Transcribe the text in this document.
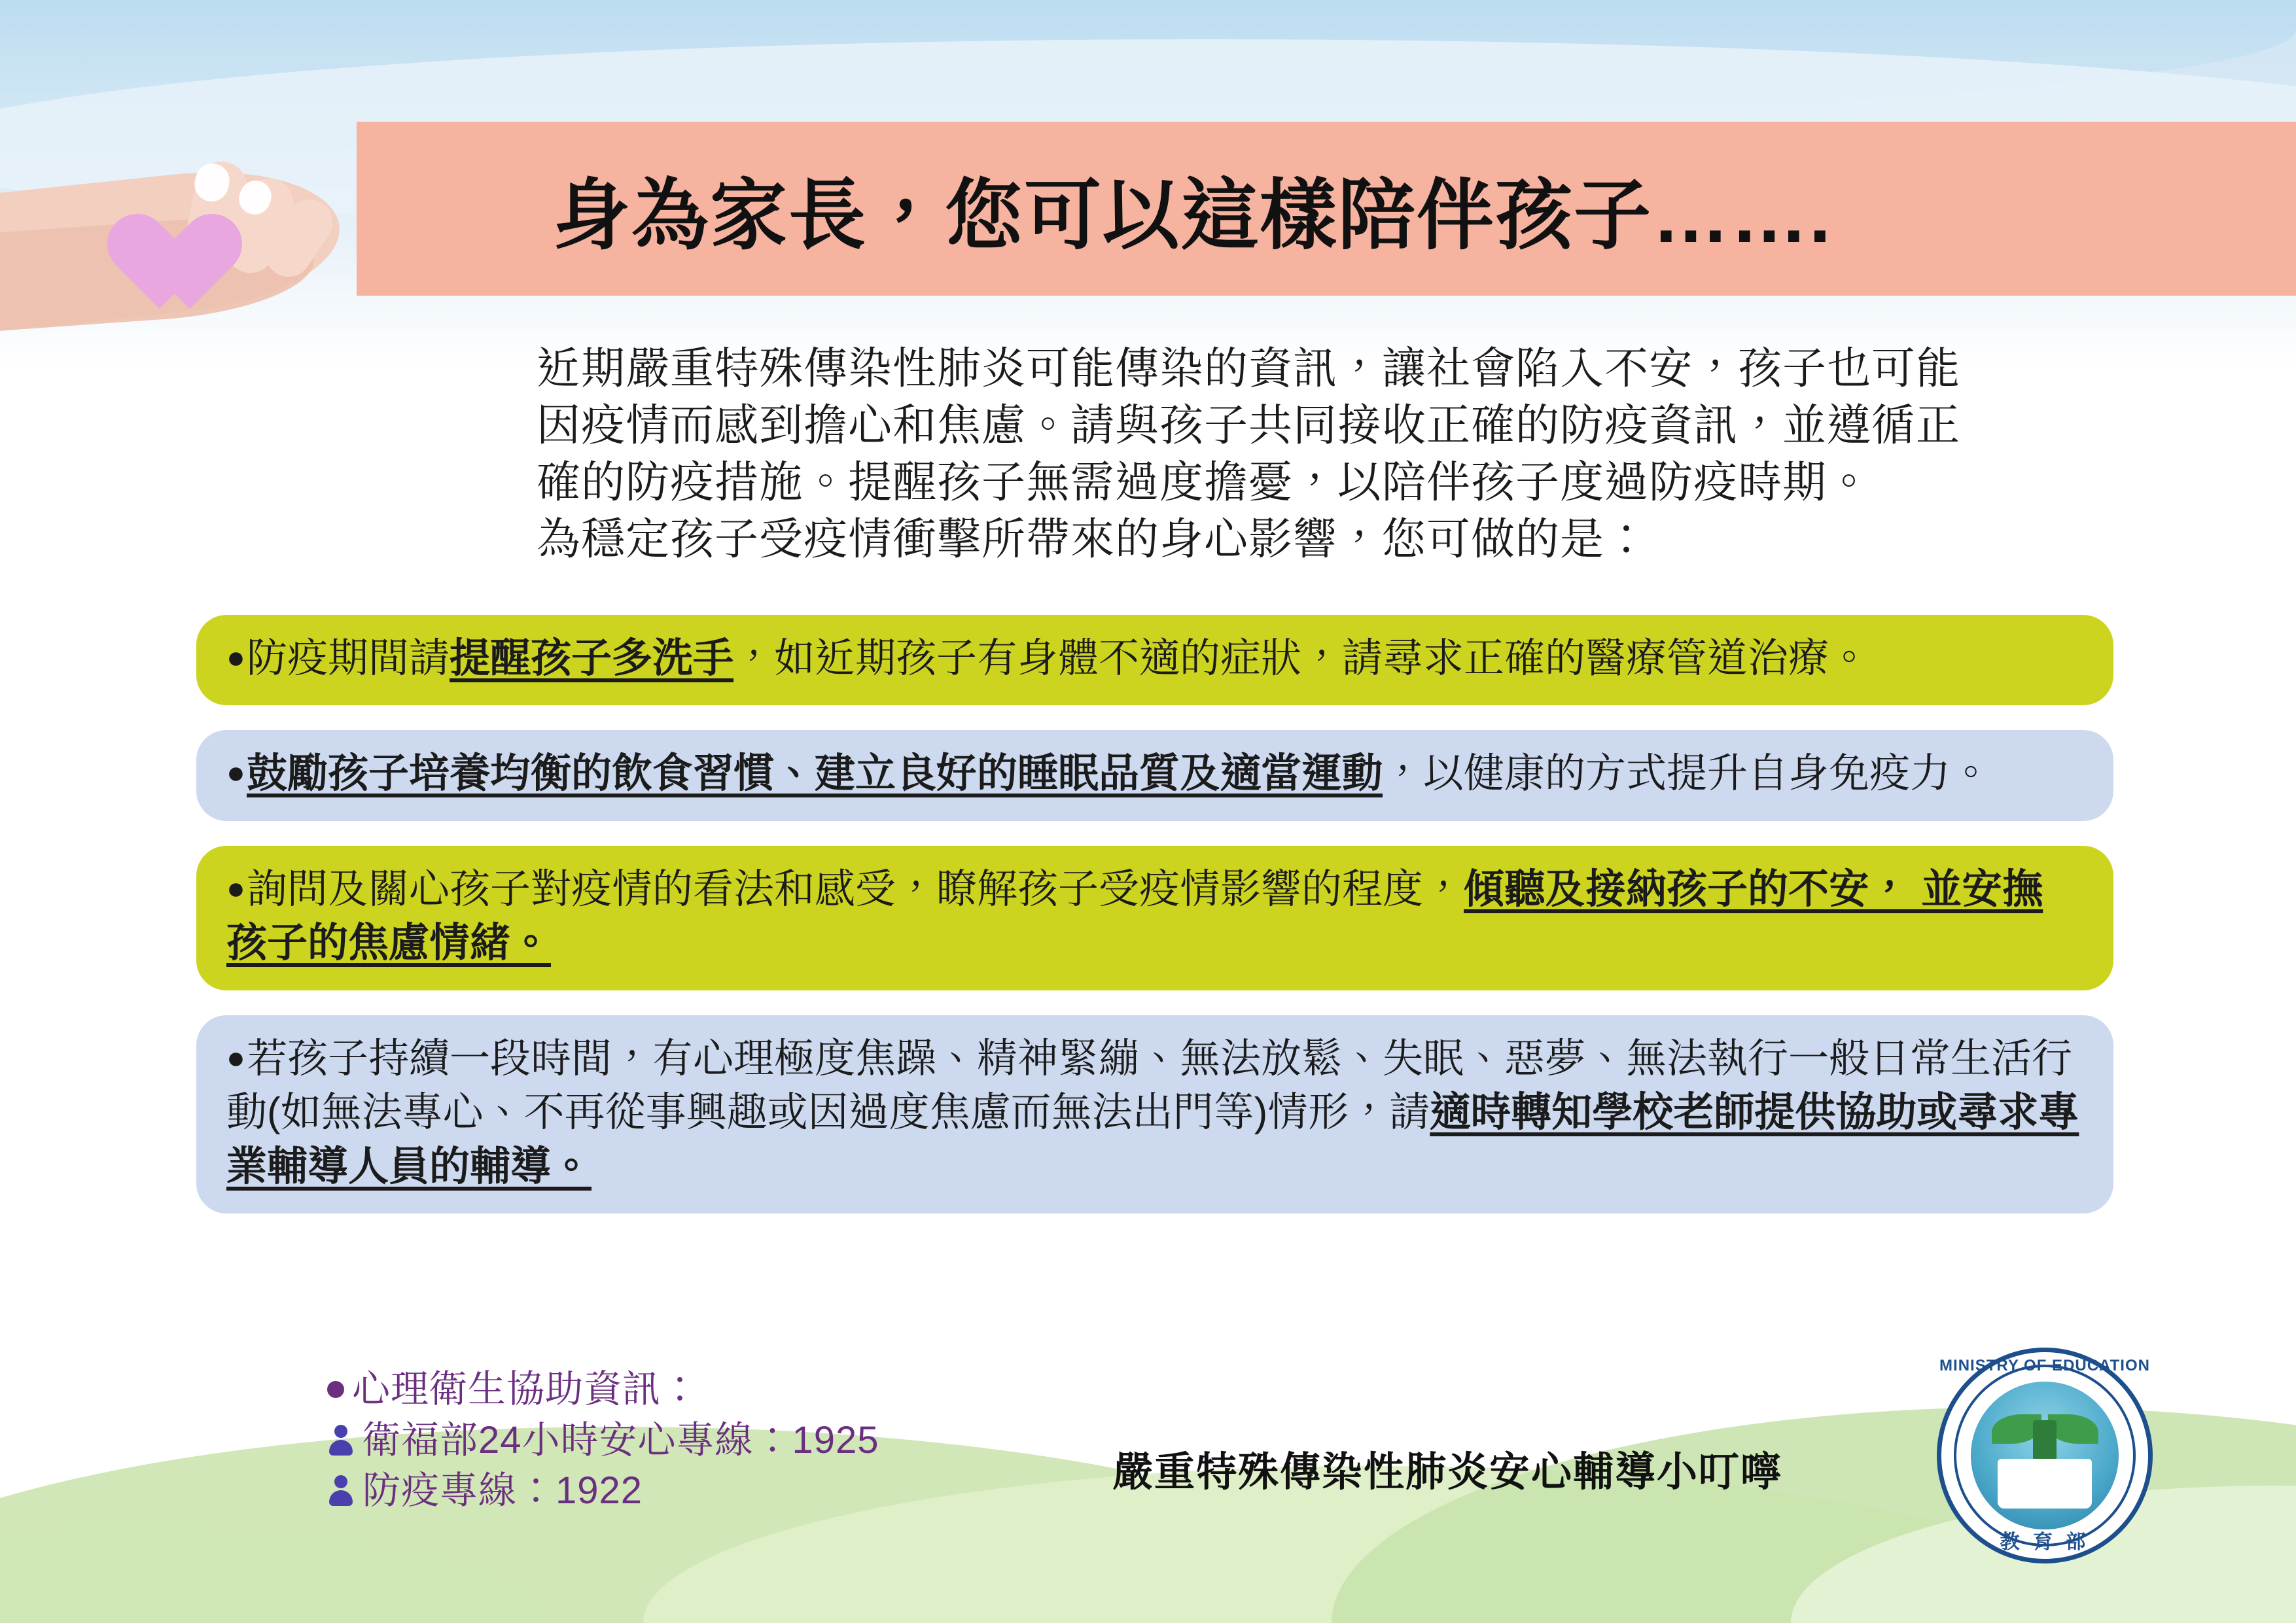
身為家長，您可以這樣陪伴孩子…….

近期嚴重特殊傳染性肺炎可能傳染的資訊，讓社會陷入不安，孩子也可能

因疫情而感到擔心和焦慮。請與孩子共同接收正確的防疫資訊，並遵循正

確的防疫措施。提醒孩子無需過度擔憂，以陪伴孩子度過防疫時期。

為穩定孩子受疫情衝擊所帶來的身心影響，您可做的是：

●防疫期間請提醒孩子多洗手，如近期孩子有身體不適的症狀，請尋求正確的醫療管道治療。
●鼓勵孩子培養均衡的飲食習慣、建立良好的睡眠品質及適當運動，以健康的方式提升自身免疫力。
●詢問及關心孩子對疫情的看法和感受，瞭解孩子受疫情影響的程度，傾聽及接納孩子的不安， 並安撫孩子的焦慮情緒。
●若孩子持續一段時間，有心理極度焦躁、精神緊繃、無法放鬆、失眠、惡夢、無法執行一般日常生活行動(如無法專心、不再從事興趣或因過度焦慮而無法出門等)情形，請適時轉知學校老師提供協助或尋求專業輔導人員的輔導。
心理衛生協助資訊：
衛福部24小時安心專線：1925
防疫專線：1922	嚴重特殊傳染性肺炎安心輔導小叮嚀
MINISTRY OF EDUCATION
教 育 部
